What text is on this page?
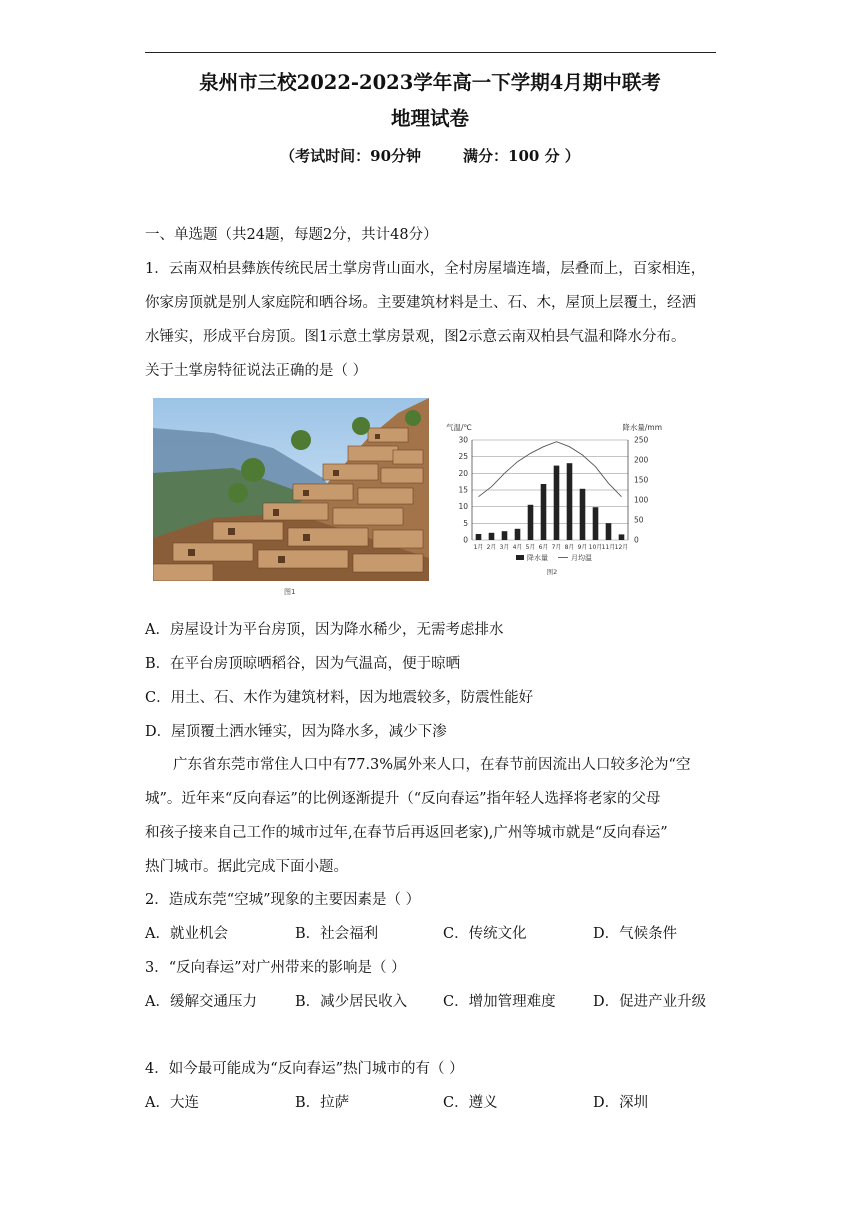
泉州市三校2022-2023学年高一下学期4月期中联考
地理试卷
（考试时间：90分钟	满分：100 分 ）
一、单选题（共24题，每题2分，共计48分）
1．云南双柏县彝族传统民居土掌房背山面水，全村房屋墙连墙，层叠而上，百家相连，
你家房顶就是别人家庭院和晒谷场。主要建筑材料是土、石、木，屋顶上层覆土，经洒
水锤实，形成平台房顶。图1示意土掌房景观，图2示意云南双柏县气温和降水分布。
关于土掌房特征说法正确的是（ ）
图1
0
5
10
15
20
25
30
0
50
100
150
200
250
气温/℃	降水量/mm
1月 2月 3月 4月 5月 6月 7月 8月 9月 10月 11月 12月
降水量	月均温
图2
A．房屋设计为平台房顶，因为降水稀少，无需考虑排水
B．在平台房顶晾晒稻谷，因为气温高，便于晾晒
C．用土、石、木作为建筑材料，因为地震较多，防震性能好
D．屋顶覆土洒水锤实，因为降水多，减少下渗
广东省东莞市常住人口中有77.3%属外来人口，在春节前因流出人口较多沦为“空
城”。近年来“反向春运”的比例逐渐提升（“反向春运”指年轻人选择将老家的父母
和孩子接来自己工作的城市过年,在春节后再返回老家),广州等城市就是“反向春运”
热门城市。据此完成下面小题。
2．造成东莞“空城”现象的主要因素是（ ）
A．就业机会	B．社会福利	C．传统文化	D．气候条件
3．“反向春运”对广州带来的影响是（ ）
A．缓解交通压力	B．减少居民收入 C．增加管理难度	D．促进产业升级
4．如今最可能成为“反向春运”热门城市的有（ ）
A．大连	B．拉萨	C．遵义	D．深圳
